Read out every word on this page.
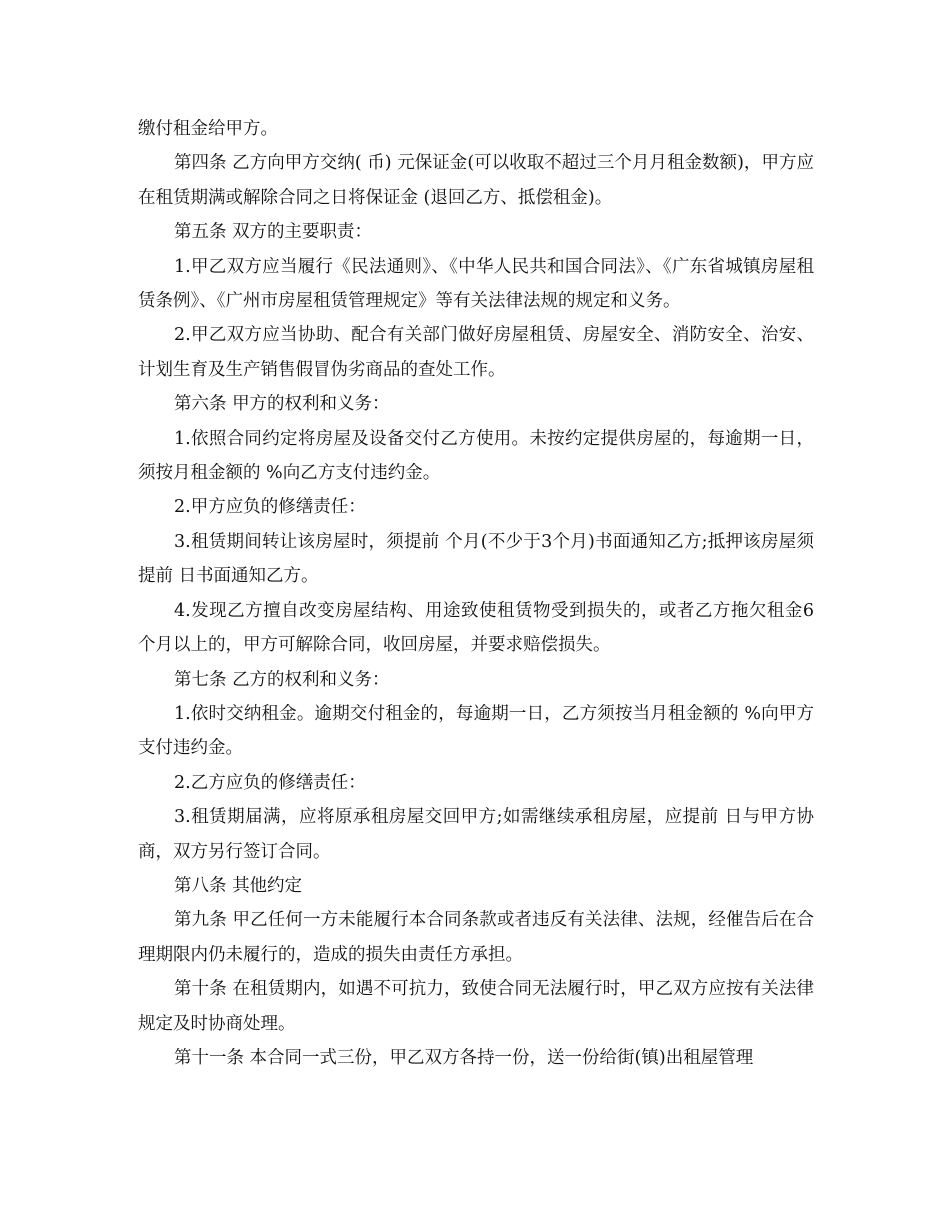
缴付租金给甲方。

第四条 乙方向甲方交纳( 币) 元保证金(可以收取不超过三个月月租金数额)，甲方应在租赁期满或解除合同之日将保证金 (退回乙方、抵偿租金)。

第五条 双方的主要职责：

1.甲乙双方应当履行《民法通则》、《中华人民共和国合同法》、《广东省城镇房屋租赁条例》、《广州市房屋租赁管理规定》等有关法律法规的规定和义务。

2.甲乙双方应当协助、配合有关部门做好房屋租赁、房屋安全、消防安全、治安、计划生育及生产销售假冒伪劣商品的查处工作。

第六条 甲方的权利和义务：

1.依照合同约定将房屋及设备交付乙方使用。未按约定提供房屋的，每逾期一日，须按月租金额的 %向乙方支付违约金。

2.甲方应负的修缮责任：

3.租赁期间转让该房屋时，须提前 个月(不少于3个月)书面通知乙方;抵押该房屋须提前 日书面通知乙方。

4.发现乙方擅自改变房屋结构、用途致使租赁物受到损失的，或者乙方拖欠租金6个月以上的，甲方可解除合同，收回房屋，并要求赔偿损失。

第七条 乙方的权利和义务：

1.依时交纳租金。逾期交付租金的，每逾期一日，乙方须按当月租金额的 %向甲方支付违约金。

2.乙方应负的修缮责任：

3.租赁期届满，应将原承租房屋交回甲方;如需继续承租房屋，应提前 日与甲方协商，双方另行签订合同。

第八条 其他约定

第九条 甲乙任何一方未能履行本合同条款或者违反有关法律、法规，经催告后在合理期限内仍未履行的，造成的损失由责任方承担。

第十条 在租赁期内，如遇不可抗力，致使合同无法履行时，甲乙双方应按有关法律规定及时协商处理。

第十一条 本合同一式三份，甲乙双方各持一份，送一份给街(镇)出租屋管理
